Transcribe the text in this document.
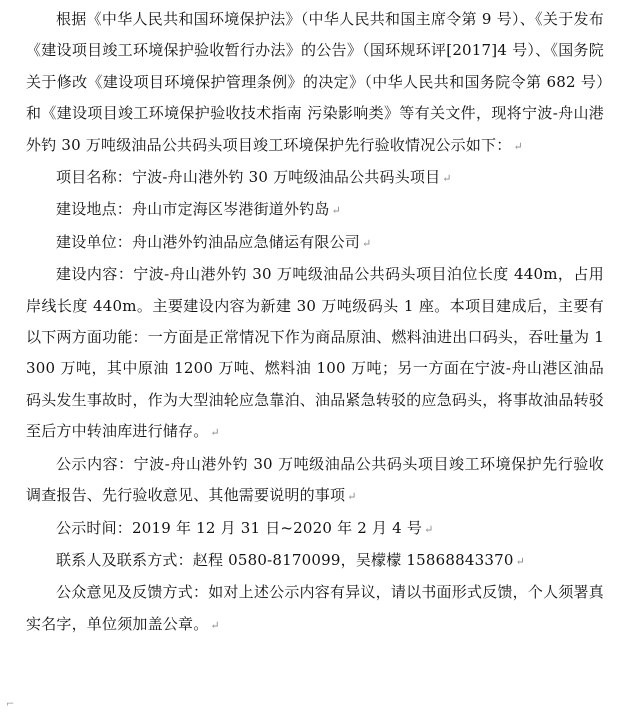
根据《中华人民共和国环境保护法》（中华人民共和国主席令第 9 号）、《关于发布《建设项目竣工环境保护验收暂行办法》的公告》（国环规环评[2017]4 号）、《国务院关于修改《建设项目环境保护管理条例》的决定》（中华人民共和国务院令第 682 号）和《建设项目竣工环境保护验收技术指南 污染影响类》等有关文件，现将宁波-舟山港外钓 30 万吨级油品公共码头项目竣工环境保护先行验收情况公示如下： ↵

项目名称：宁波-舟山港外钓 30 万吨级油品公共码头项目 ↵

建设地点：舟山市定海区岑港街道外钓岛 ↵

建设单位：舟山港外钓油品应急储运有限公司 ↵

建设内容：宁波-舟山港外钓 30 万吨级油品公共码头项目泊位长度 440m，占用岸线长度 440m。主要建设内容为新建 30 万吨级码头 1 座。本项目建成后，主要有以下两方面功能：一方面是正常情况下作为商品原油、燃料油进出口码头，吞吐量为 1300 万吨，其中原油 1200 万吨、燃料油 100 万吨；另一方面在宁波-舟山港区油品码头发生事故时，作为大型油轮应急靠泊、油品紧急转驳的应急码头，将事故油品转驳至后方中转油库进行储存。 ↵

公示内容：宁波-舟山港外钓 30 万吨级油品公共码头项目竣工环境保护先行验收调查报告、先行验收意见、其他需要说明的事项 ↵

公示时间：2019 年 12 月 31 日~2020 年 2 月 4 号 ↵

联系人及联系方式：赵程 0580-8170099，吴檬檬 15868843370 ↵

公众意见及反馈方式：如对上述公示内容有异议，请以书面形式反馈，个人须署真实名字，单位须加盖公章。 ↵

⌐
